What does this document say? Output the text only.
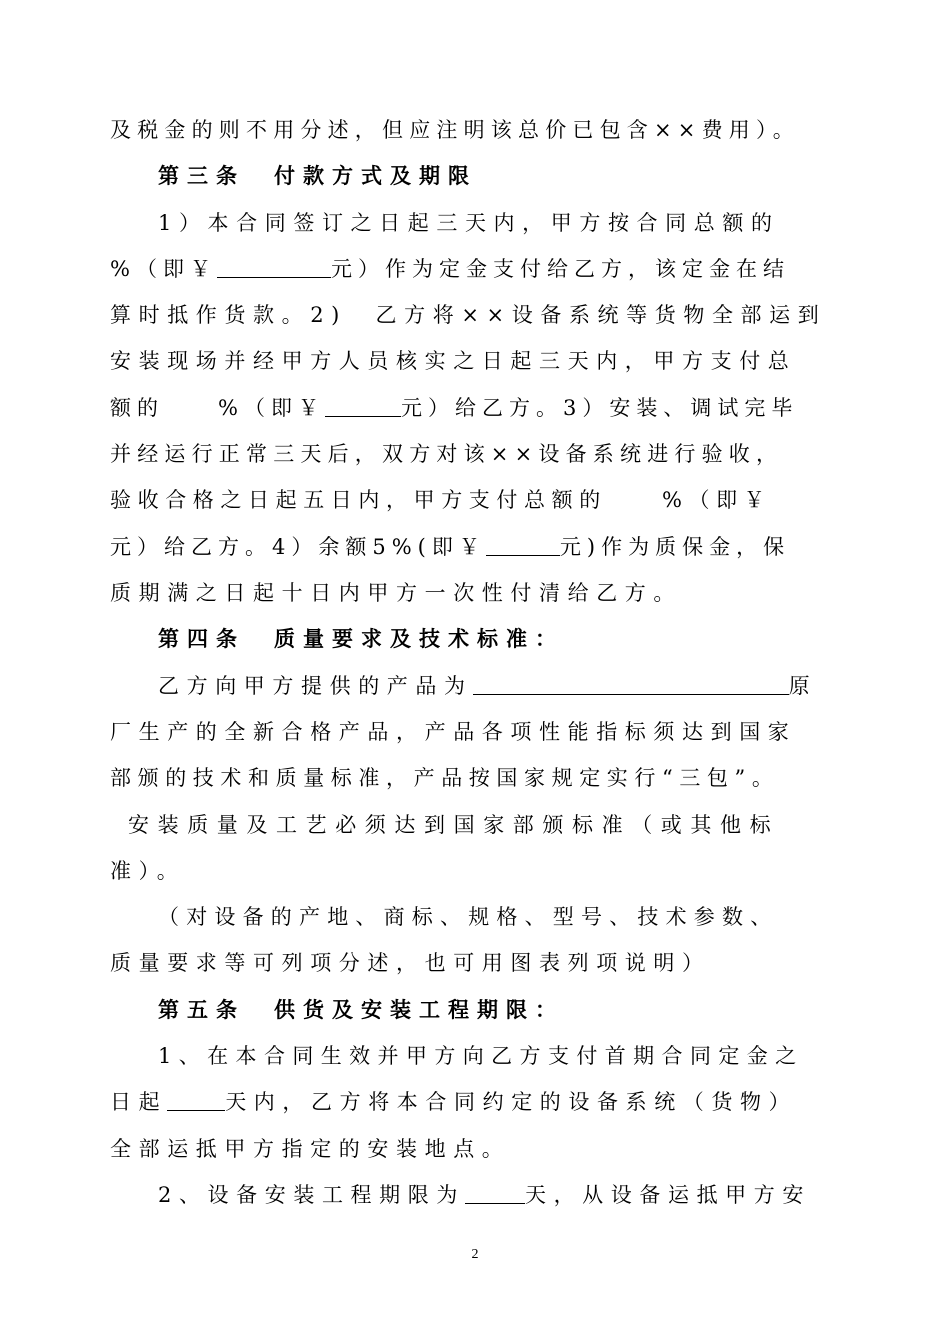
及税金的则不用分述，但应注明该总价已包含××费用）。
第三条　付款方式及期限
1）本合同签订之日起三天内，甲方按合同总额的
%（即￥	元）作为定金支付给乙方，该定金在结
算时抵作货款。2)　乙方将××设备系统等货物全部运到
安装现场并经甲方人员核实之日起三天内，甲方支付总
额的　　%（即￥	元）给乙方。3）安装、调试完毕
并经运行正常三天后，双方对该××设备系统进行验收，
验收合格之日起五日内，甲方支付总额的　　%（即￥
元）给乙方。4）余额5%(即￥	元)作为质保金，保
质期满之日起十日内甲方一次性付清给乙方。
第四条　质量要求及技术标准：
乙方向甲方提供的产品为	原
厂生产的全新合格产品，产品各项性能指标须达到国家
部颁的技术和质量标准，产品按国家规定实行“三包”。
安装质量及工艺必须达到国家部颁标准（或其他标
准）。
（对设备的产地、商标、规格、型号、技术参数、
质量要求等可列项分述，也可用图表列项说明）
第五条　供货及安装工程期限：
1、在本合同生效并甲方向乙方支付首期合同定金之
日起	天内，乙方将本合同约定的设备系统（货物）
全部运抵甲方指定的安装地点。
2、设备安装工程期限为	天，从设备运抵甲方安
2
